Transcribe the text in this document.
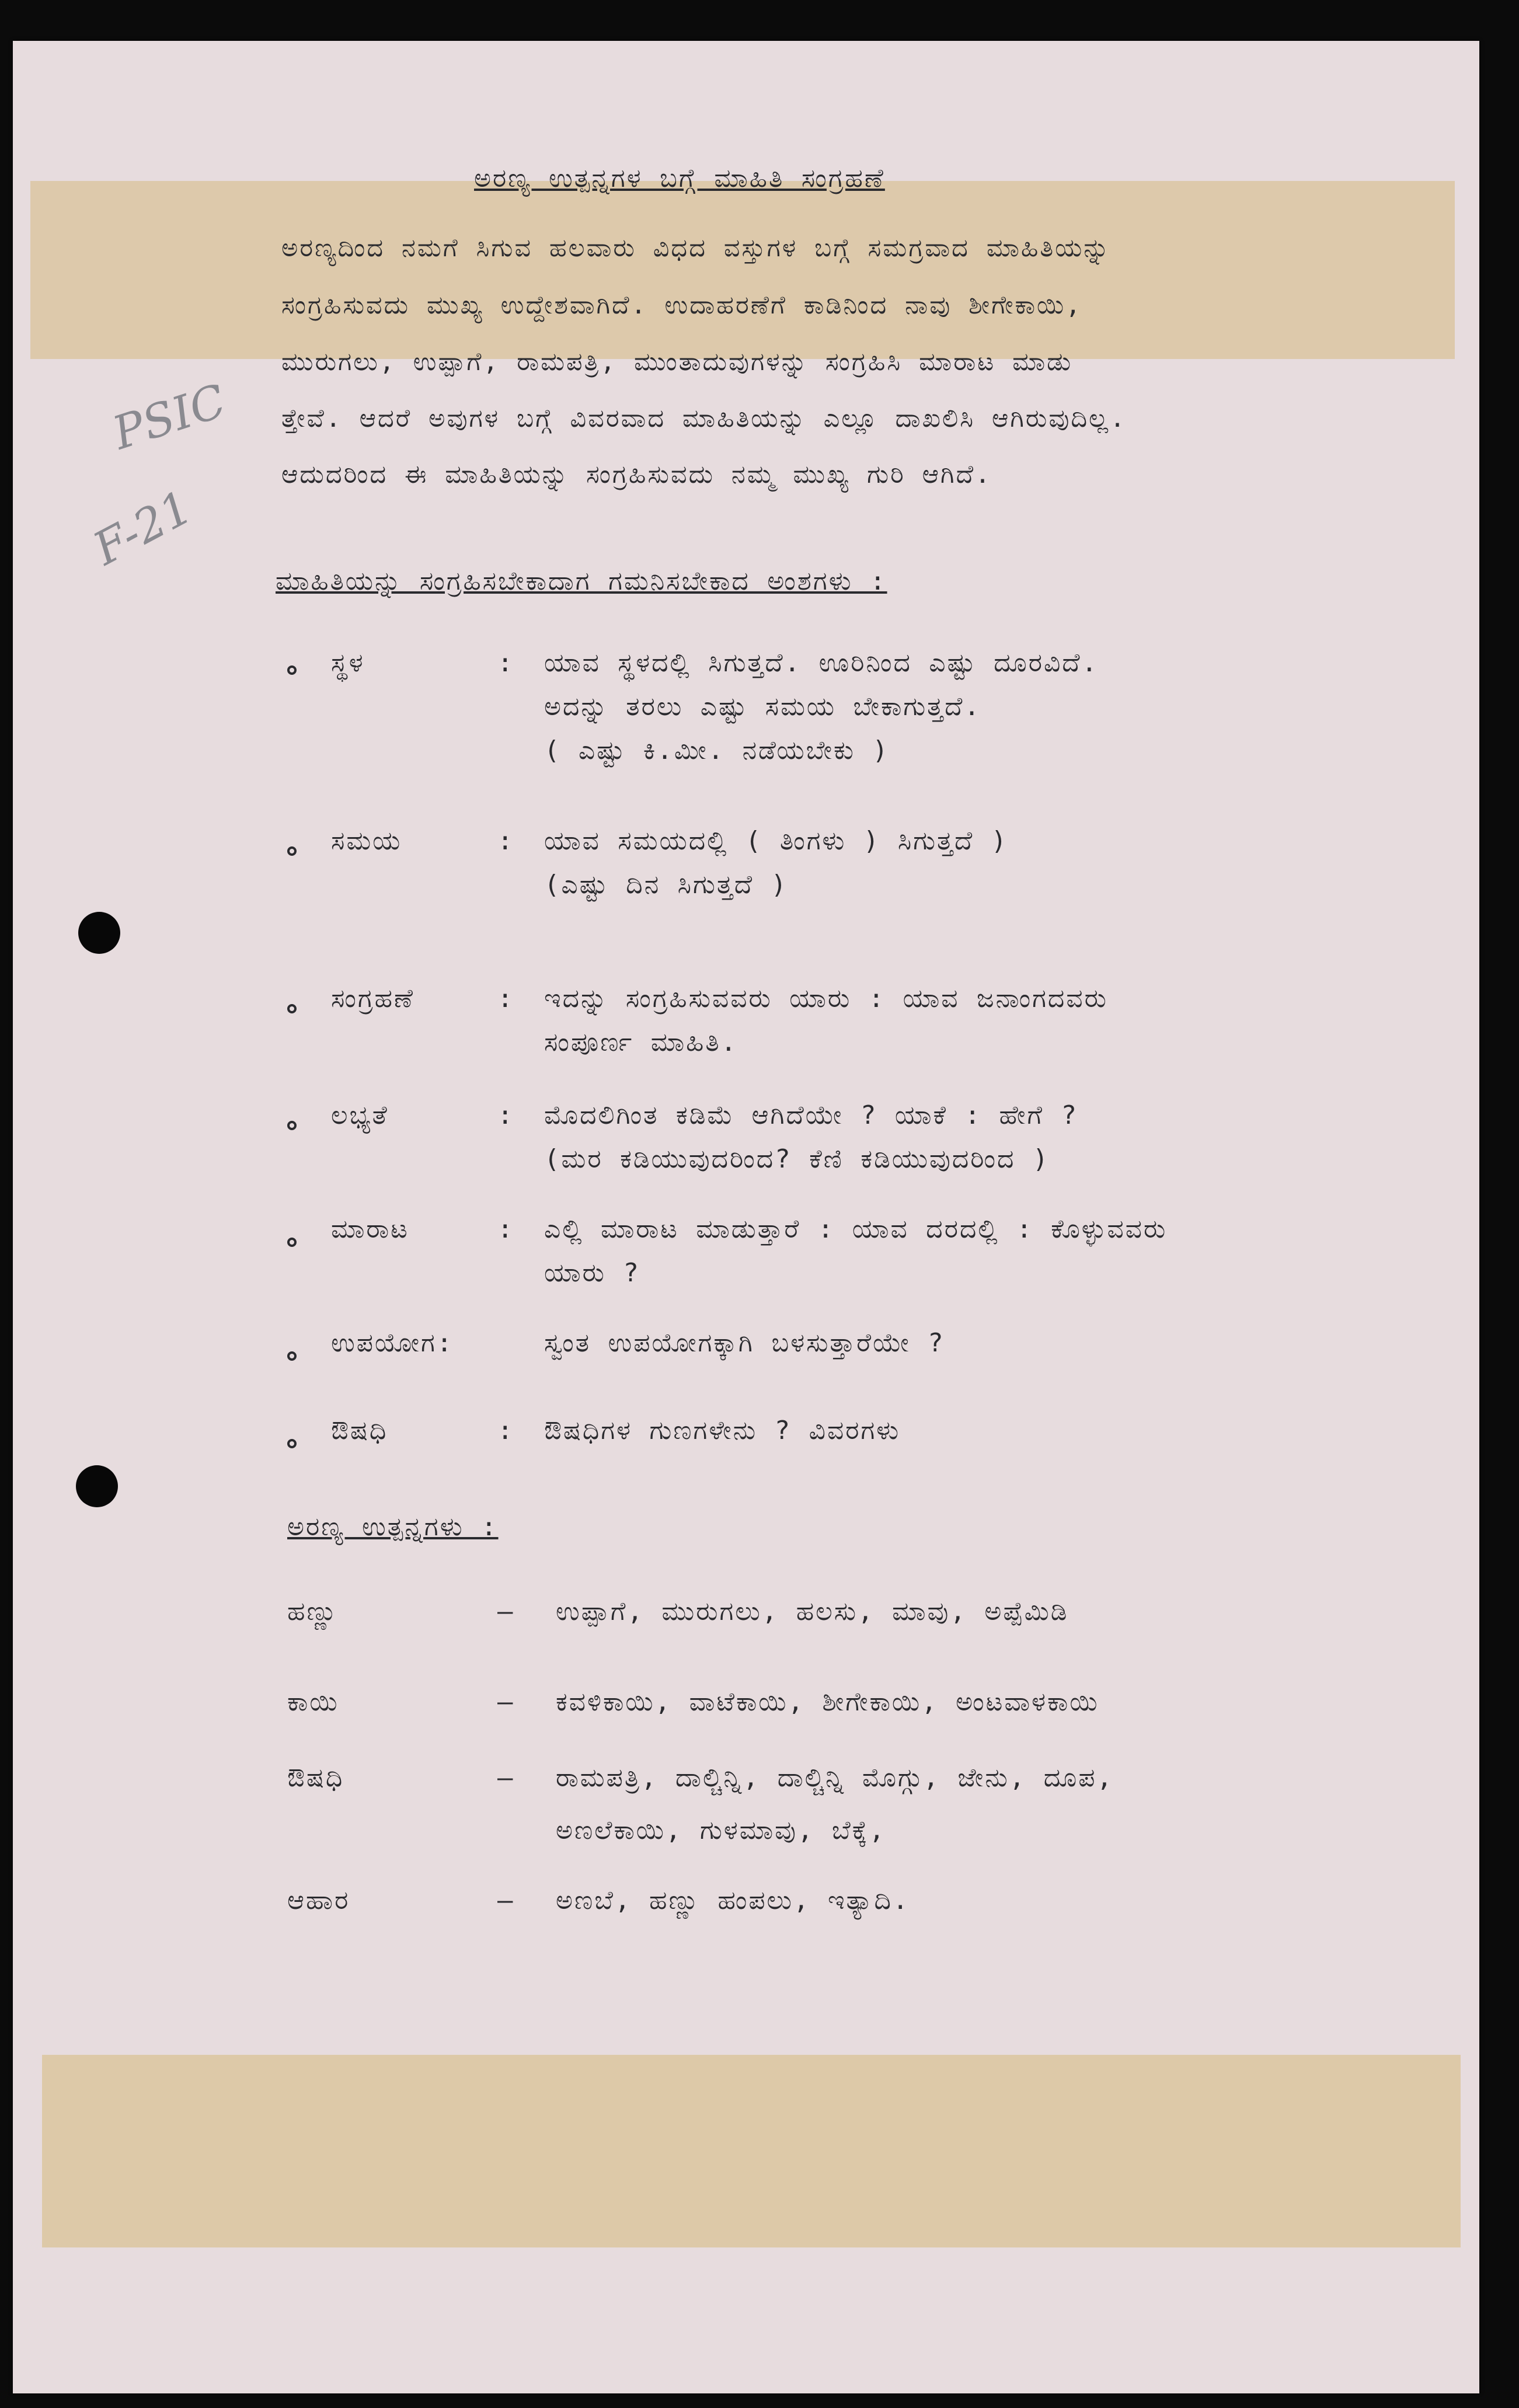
PSIC
F-21
ಅರಣ್ಯ ಉತ್ಪನ್ನಗಳ ಬಗ್ಗೆ ಮಾಹಿತಿ ಸಂಗ್ರಹಣೆ
ಅರಣ್ಯದಿಂದ ನಮಗೆ ಸಿಗುವ ಹಲವಾರು ವಿಧದ ವಸ್ತುಗಳ ಬಗ್ಗೆ ಸಮಗ್ರವಾದ ಮಾಹಿತಿಯನ್ನು
ಸಂಗ್ರಹಿಸುವದು ಮುಖ್ಯ ಉದ್ದೇಶವಾಗಿದೆ. ಉದಾಹರಣೆಗೆ ಕಾಡಿನಿಂದ ನಾವು ಶೀಗೇಕಾಯಿ,
ಮುರುಗಲು, ಉಪ್ಪಾಗೆ, ರಾಮಪತ್ರಿ, ಮುಂತಾದುವುಗಳನ್ನು ಸಂಗ್ರಹಿಸಿ ಮಾರಾಟ ಮಾಡು
ತ್ತೇವೆ. ಆದರೆ ಅವುಗಳ ಬಗ್ಗೆ ವಿವರವಾದ ಮಾಹಿತಿಯನ್ನು ಎಲ್ಲೂ ದಾಖಲಿಸಿ ಆಗಿರುವುದಿಲ್ಲ.
ಆದುದರಿಂದ ಈ ಮಾಹಿತಿಯನ್ನು ಸಂಗ್ರಹಿಸುವದು ನಮ್ಮ ಮುಖ್ಯ ಗುರಿ ಆಗಿದೆ.
ಮಾಹಿತಿಯನ್ನು ಸಂಗ್ರಹಿಸಬೇಕಾದಾಗ ಗಮನಿಸಬೇಕಾದ ಅಂಶಗಳು :
ಸ್ಥಳ	: ಯಾವ ಸ್ಥಳದಲ್ಲಿ ಸಿಗುತ್ತದೆ. ಊರಿನಿಂದ ಎಷ್ಟು ದೂರವಿದೆ.
ಅದನ್ನು ತರಲು ಎಷ್ಟು ಸಮಯ ಬೇಕಾಗುತ್ತದೆ.
( ಎಷ್ಟು ಕಿ.ಮೀ. ನಡೆಯಬೇಕು )
ಸಮಯ	: ಯಾವ ಸಮಯದಲ್ಲಿ ( ತಿಂಗಳು ) ಸಿಗುತ್ತದೆ )
(ಎಷ್ಟು ದಿನ ಸಿಗುತ್ತದೆ )
ಸಂಗ್ರಹಣೆ	: ಇದನ್ನು ಸಂಗ್ರಹಿಸುವವರು ಯಾರು : ಯಾವ ಜನಾಂಗದವರು
ಸಂಪೂರ್ಣ ಮಾಹಿತಿ.
ಲಭ್ಯತೆ	: ಮೊದಲಿಗಿಂತ ಕಡಿಮೆ ಆಗಿದೆಯೇ ? ಯಾಕೆ : ಹೇಗೆ ?
(ಮರ ಕಡಿಯುವುದರಿಂದ? ಕೆಣಿ ಕಡಿಯುವುದರಿಂದ )
ಮಾರಾಟ	: ಎಲ್ಲಿ ಮಾರಾಟ ಮಾಡುತ್ತಾರೆ : ಯಾವ ದರದಲ್ಲಿ : ಕೊಳ್ಳುವವರು
ಯಾರು ?
ಉಪಯೋಗ:	ಸ್ವಂತ ಉಪಯೋಗಕ್ಕಾಗಿ ಬಳಸುತ್ತಾರೆಯೇ ?
ಔಷಧಿ	: ಔಷಧಿಗಳ ಗುಣಗಳೇನು ? ವಿವರಗಳು
ಅರಣ್ಯ ಉತ್ಪನ್ನಗಳು :
ಹಣ್ಣು	— ಉಪ್ಪಾಗೆ, ಮುರುಗಲು, ಹಲಸು, ಮಾವು, ಅಪ್ಪೆಮಿಡಿ
ಕಾಯಿ	— ಕವಳಿಕಾಯಿ, ವಾಟೆಕಾಯಿ, ಶೀಗೇಕಾಯಿ, ಅಂಟವಾಳಕಾಯಿ
ಔಷಧಿ	— ರಾಮಪತ್ರಿ, ದಾಲ್ಚಿನ್ನಿ, ದಾಲ್ಚಿನ್ನಿ ಮೊಗ್ಗು, ಜೇನು, ದೂಪ,
ಅಣಲೆಕಾಯಿ, ಗುಳಮಾವು, ಬೆಕ್ಕೆ,
ಆಹಾರ	— ಅಣಬೆ, ಹಣ್ಣು ಹಂಪಲು, ಇತ್ಯಾದಿ.
